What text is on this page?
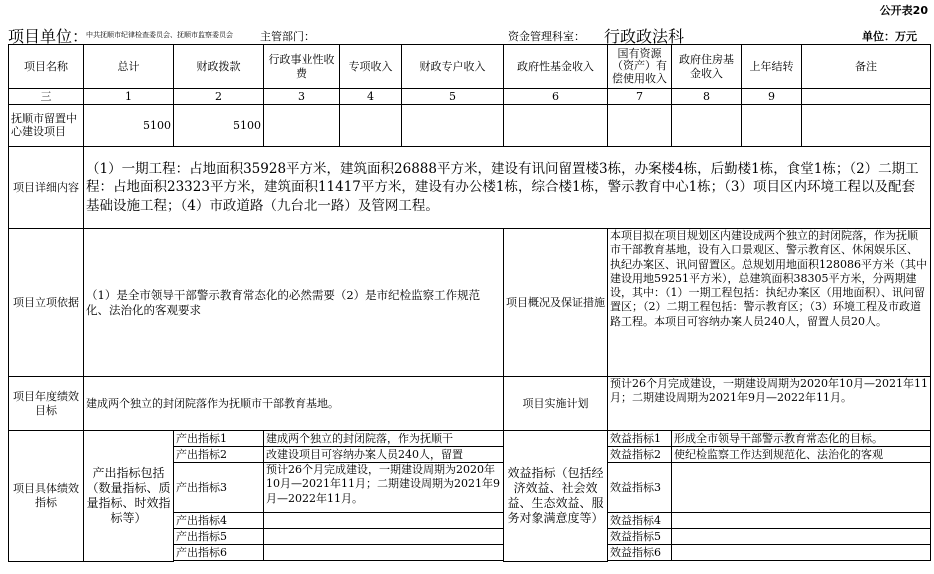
公开表20
项目单位：
中共抚顺市纪律检查委员会、抚顺市监察委员会 主管部门：	资金管理科室： 行政政法科	单位：万元
项目名称	总计	财政拨款	行政事业性收费	专项收入	财政专户收入	政府性基金收入	国有资源（资产）有偿使用收入	政府住房基金收入	上年结转	备注
三	1	2	3	4	5	6	7	8	9	
抚顺市留置中心建设项目	5100	5100								
项目详细内容	（1）一期工程：占地面积35928平方米，建筑面积26888平方米，建设有讯问留置楼3栋，办案楼4栋，后勤楼1栋，食堂1栋；（2）二期工程：占地面积23323平方米，建筑面积11417平方米，建设有办公楼1栋，综合楼1栋，警示教育中心1栋；（3）项目区内环境工程以及配套基础设施工程；（4）市政道路（九台北一路）及管网工程。									
项目立项依据	（1）是全市领导干部警示教育常态化的必然需要（2）是市纪检监察工作规范化、法治化的客观要求					项目概况及保证措施	本项目拟在项目规划区内建设成两个独立的封闭院落，作为抚顺市干部教育基地，设有入口景观区、警示教育区、休闲娱乐区、执纪办案区、讯问留置区。总规划用地面积128086平方米（其中建设用地59251平方米），总建筑面积38305平方米，分两期建设，其中：（1）一期工程包括：执纪办案区（用地面积）、讯问留置区；（2）二期工程包括：警示教育区；（3）环境工程及市政道路工程。本项目可容纳办案人员240人，留置人员20人。			
项目年度绩效目标	建成两个独立的封闭院落作为抚顺市干部教育基地。					项目实施计划	预计26个月完成建设，一期建设周期为2020年10月—2021年11月；二期建设周期为2021年9月—2022年11月。			
项目具体绩效指标	产出指标包括（数量指标、质量指标、时效指标等）	产出指标1	建成两个独立的封闭院落，作为抚顺干			效益指标（包括经济效益、社会效益、生态效益、服务对象满意度等）	效益指标1	形成全市领导干部警示教育常态化的目标。		
		产出指标2	改建设项目可容纳办案人员240人，留置				效益指标2	使纪检监察工作达到规范化、法治化的客观		
		产出指标3	预计26个月完成建设，一期建设周期为2020年10月—2021年11月；二期建设周期为2021年9月—2022年11月。				效益指标3			
		产出指标4					效益指标4			
		产出指标5					效益指标5			
		产出指标6					效益指标6			
